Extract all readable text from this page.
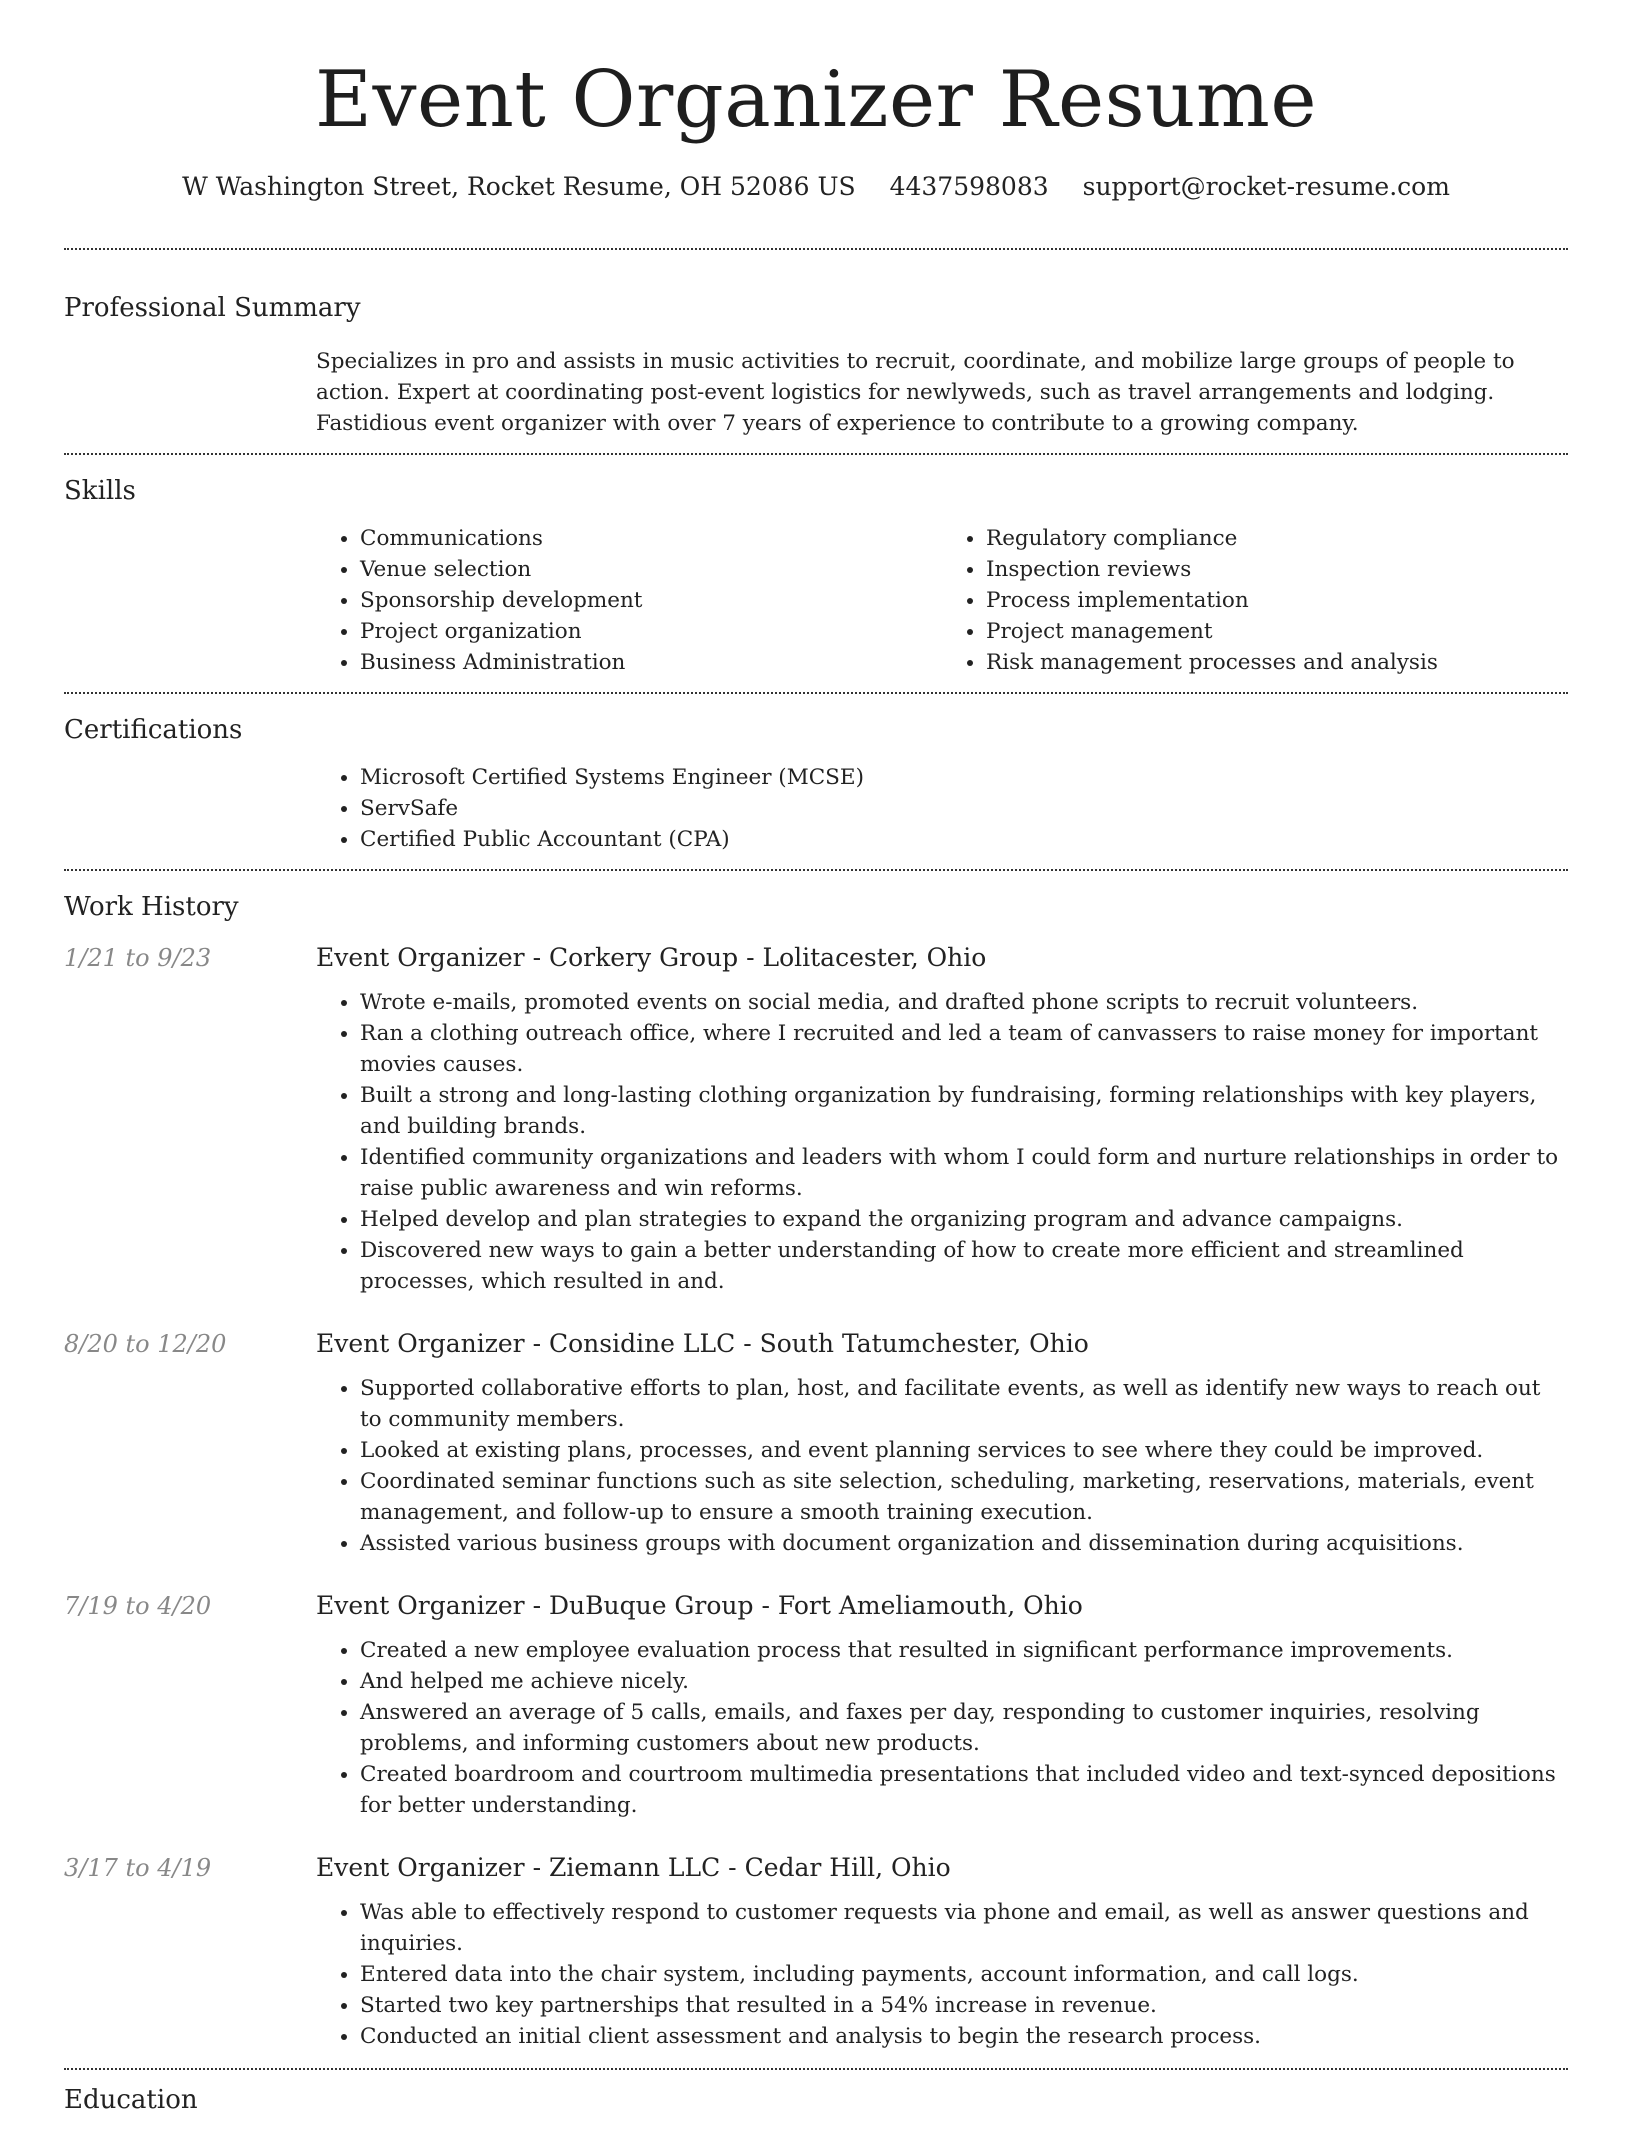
Event Organizer Resume
W Washington Street, Rocket Resume, OH 52086 US 4437598083 support@rocket-resume.com
Professional Summary

Specializes in pro and assists in music activities to recruit, coordinate, and mobilize large groups of people to action. Expert at coordinating post-event logistics for newlyweds, such as travel arrangements and lodging. Fastidious event organizer with over 7 years of experience to contribute to a growing company.

Skills
• Communications
• Venue selection
• Sponsorship development
• Project organization
• Business Administration
• Regulatory compliance
• Inspection reviews
• Process implementation
• Project management
• Risk management processes and analysis
Certifications
• Microsoft Certified Systems Engineer (MCSE)
• ServSafe
• Certified Public Accountant (CPA)
Work History
1/21 to 9/23	Event Organizer - Corkery Group - Lolitacester, Ohio
• Wrote e-mails, promoted events on social media, and drafted phone scripts to recruit volunteers.
• Ran a clothing outreach office, where I recruited and led a team of canvassers to raise money for important movies causes.
• Built a strong and long-lasting clothing organization by fundraising, forming relationships with key players, and building brands.
• Identified community organizations and leaders with whom I could form and nurture relationships in order to raise public awareness and win reforms.
• Helped develop and plan strategies to expand the organizing program and advance campaigns.
• Discovered new ways to gain a better understanding of how to create more efficient and streamlined processes, which resulted in and.
8/20 to 12/20	Event Organizer - Considine LLC - South Tatumchester, Ohio
• Supported collaborative efforts to plan, host, and facilitate events, as well as identify new ways to reach out to community members.
• Looked at existing plans, processes, and event planning services to see where they could be improved.
• Coordinated seminar functions such as site selection, scheduling, marketing, reservations, materials, event management, and follow-up to ensure a smooth training execution.
• Assisted various business groups with document organization and dissemination during acquisitions.
7/19 to 4/20	Event Organizer - DuBuque Group - Fort Ameliamouth, Ohio
• Created a new employee evaluation process that resulted in significant performance improvements.
• And helped me achieve nicely.
• Answered an average of 5 calls, emails, and faxes per day, responding to customer inquiries, resolving problems, and informing customers about new products.
• Created boardroom and courtroom multimedia presentations that included video and text-synced depositions for better understanding.
3/17 to 4/19	Event Organizer - Ziemann LLC - Cedar Hill, Ohio
• Was able to effectively respond to customer requests via phone and email, as well as answer questions and inquiries.
• Entered data into the chair system, including payments, account information, and call logs.
• Started two key partnerships that resulted in a 54% increase in revenue.
• Conducted an initial client assessment and analysis to begin the research process.
Education
